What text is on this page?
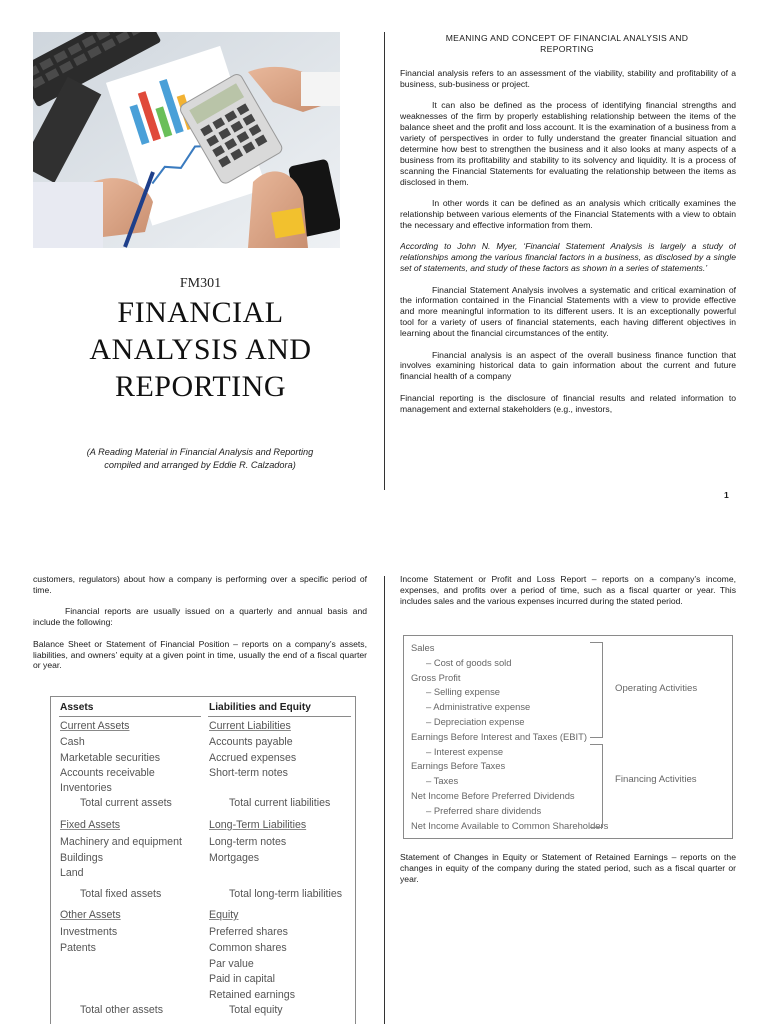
FM301
FINANCIAL
ANALYSIS AND
REPORTING
(A Reading Material in Financial Analysis and Reporting
compiled and arranged by Eddie R. Calzadora)
MEANING AND CONCEPT OF FINANCIAL ANALYSIS AND
REPORTING

Financial analysis refers to an assessment of the viability, stability and profitability of a business, sub-business or project.

It can also be defined as the process of identifying financial strengths and weaknesses of the firm by properly establishing relationship between the items of the balance sheet and the profit and loss account. It is the examination of a business from a variety of perspectives in order to fully understand the greater financial situation and determine how best to strengthen the business and it also looks at many aspects of a business from its profitability and stability to its solvency and liquidity. It is a process of scanning the Financial Statements for evaluating the relationship between the items as disclosed in them.

In other words it can be defined as an analysis which critically examines the relationship between various elements of the Financial Statements with a view to obtain the necessary and effective information from them.

According to John N. Myer, ‘Financial Statement Analysis is largely a study of relationships among the various financial factors in a business, as disclosed by a single set of statements, and study of these factors as shown in a series of statements.’

Financial Statement Analysis involves a systematic and critical examination of the information contained in the Financial Statements with a view to provide effective and more meaningful information to its different users. It is an exceptionally powerful tool for a variety of users of financial statements, each having different objectives in learning about the financial circumstances of the entity.

Financial analysis is an aspect of the overall business finance function that involves examining historical data to gain information about the current and future financial health of a company

Financial reporting is the disclosure of financial results and related information to management and external stakeholders (e.g., investors,

1

customers, regulators) about how a company is performing over a specific period of time.

Financial reports are usually issued on a quarterly and annual basis and include the following:

Balance Sheet or Statement of Financial Position – reports on a company’s assets, liabilities, and owners’ equity at a given point in time, usually the end of a fiscal quarter or year.

Assets
Current Assets
Cash
Marketable securities
Accounts receivable
Inventories
Total current assets
Fixed Assets
Machinery and equipment
Buildings
Land
Total fixed assets
Other Assets
Investments
Patents
Total other assets
Liabilities and Equity
Current Liabilities
Accounts payable
Accrued expenses
Short-term notes
Total current liabilities
Long-Term Liabilities
Long-term notes
Mortgages
Total long-term liabilities
Equity
Preferred shares
Common shares
Par value
Paid in capital
Retained earnings
Total equity

Income Statement or Profit and Loss Report – reports on a company’s income, expenses, and profits over a period of time, such as a fiscal quarter or year. This includes sales and the various expenses incurred during the stated period.

Sales
– Cost of goods sold
Gross Profit
– Selling expense
– Administrative expense
– Depreciation expense
Earnings Before Interest and Taxes (EBIT)
– Interest expense
Earnings Before Taxes
– Taxes
Net Income Before Preferred Dividends
– Preferred share dividends
Net Income Available to Common Shareholders
Operating Activities
Financing Activities

Statement of Changes in Equity or Statement of Retained Earnings – reports on the changes in equity of the company during the stated period, such as a fiscal quarter or year.
